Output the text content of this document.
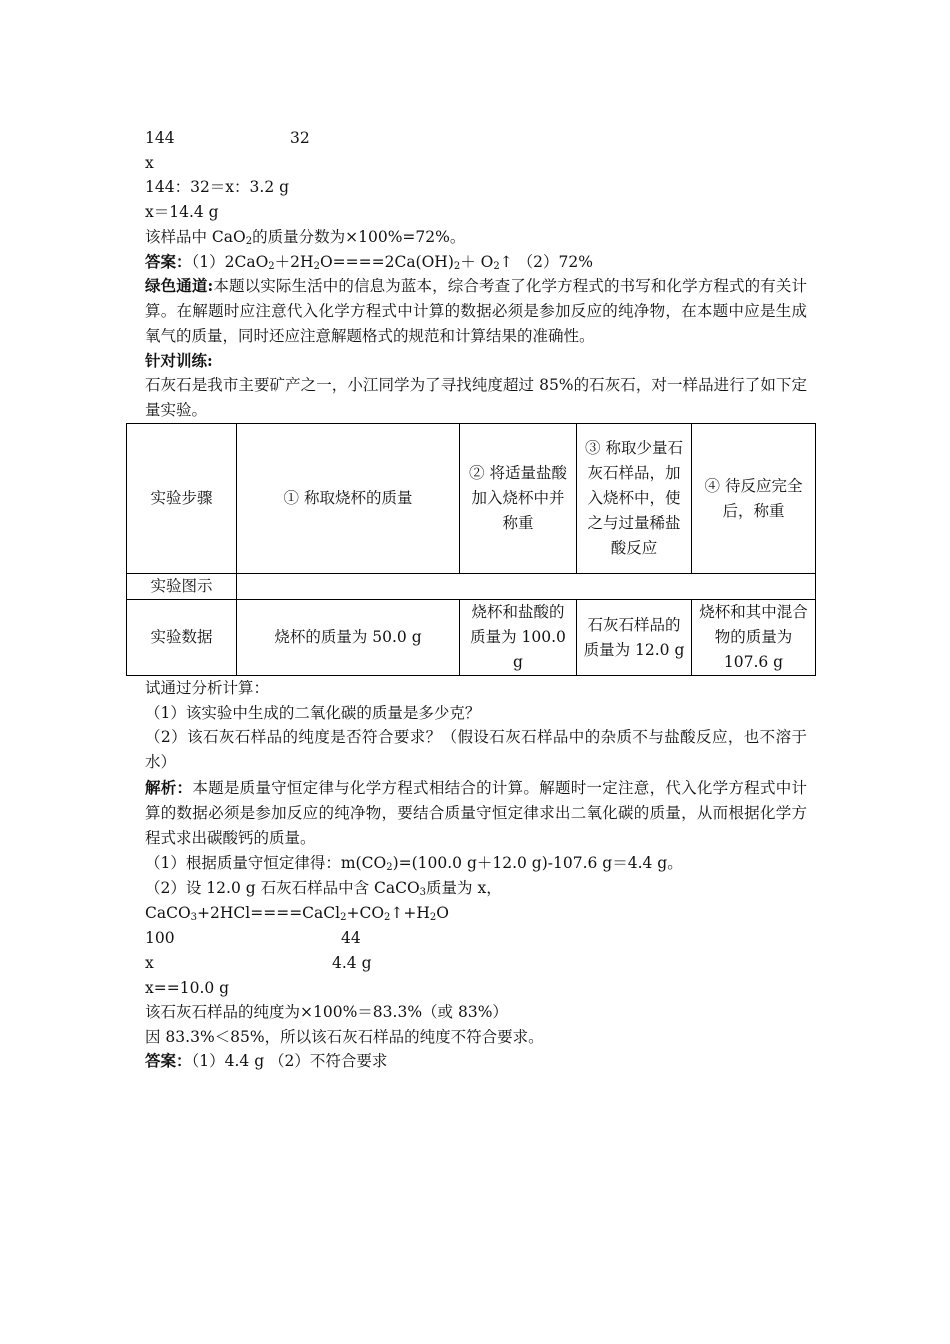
144	32
x
144：32＝x：3.2 g
x＝14.4 g
该样品中 CaO$_2$的质量分数为×100%=72%。
答案：$(1)2CaO_2+2H_2O====2Ca(OH)_2+$ $O_2↑$ （2）72%
绿色通道:本题以实际生活中的信息为蓝本，综合考查了化学方程式的书写和化学方程式的有关计算。在解题时应注意代入化学方程式中计算的数据必须是参加反应的纯净物，在本题中应是生成氧气的质量，同时还应注意解题格式的规范和计算结果的准确性。
针对训练:
石灰石是我市主要矿产之一，小江同学为了寻找纯度超过 85%的石灰石，对一样品进行了如下定量实验。
实验步骤	① 称取烧杯的质量	② 将适量盐酸加入烧杯中并称重	③ 称取少量石灰石样品，加入烧杯中，使之与过量稀盐酸反应	④ 待反应完全后，称重
实验图示				
实验数据	烧杯的质量为 50.0 g	烧杯和盐酸的质量为 100.0 g	石灰石样品的质量为 12.0 g	烧杯和其中混合物的质量为 107.6 g
试通过分析计算：
（1）该实验中生成的二氧化碳的质量是多少克？
（2）该石灰石样品的纯度是否符合要求？（假设石灰石样品中的杂质不与盐酸反应，也不溶于水）
解析：本题是质量守恒定律与化学方程式相结合的计算。解题时一定注意，代入化学方程式中计算的数据必须是参加反应的纯净物，要结合质量守恒定律求出二氧化碳的质量，从而根据化学方程式求出碳酸钙的质量。
（1）根据质量守恒定律得：$m(CO_2)=(100.0$ g＋12.0 g)-107.6 g＝4.4 g。
（2）设 12.0 g 石灰石样品中含 CaCO$_3$质量为 x，
$CaCO_3+2HCl====CaCl_2+CO_2↑+H_2O$
100	44
x	4.4 g
x==10.0 g
该石灰石样品的纯度为×100%＝83.3%（或 83%）
因 83.3%＜85%，所以该石灰石样品的纯度不符合要求。
答案：（1）4.4 g （2）不符合要求
